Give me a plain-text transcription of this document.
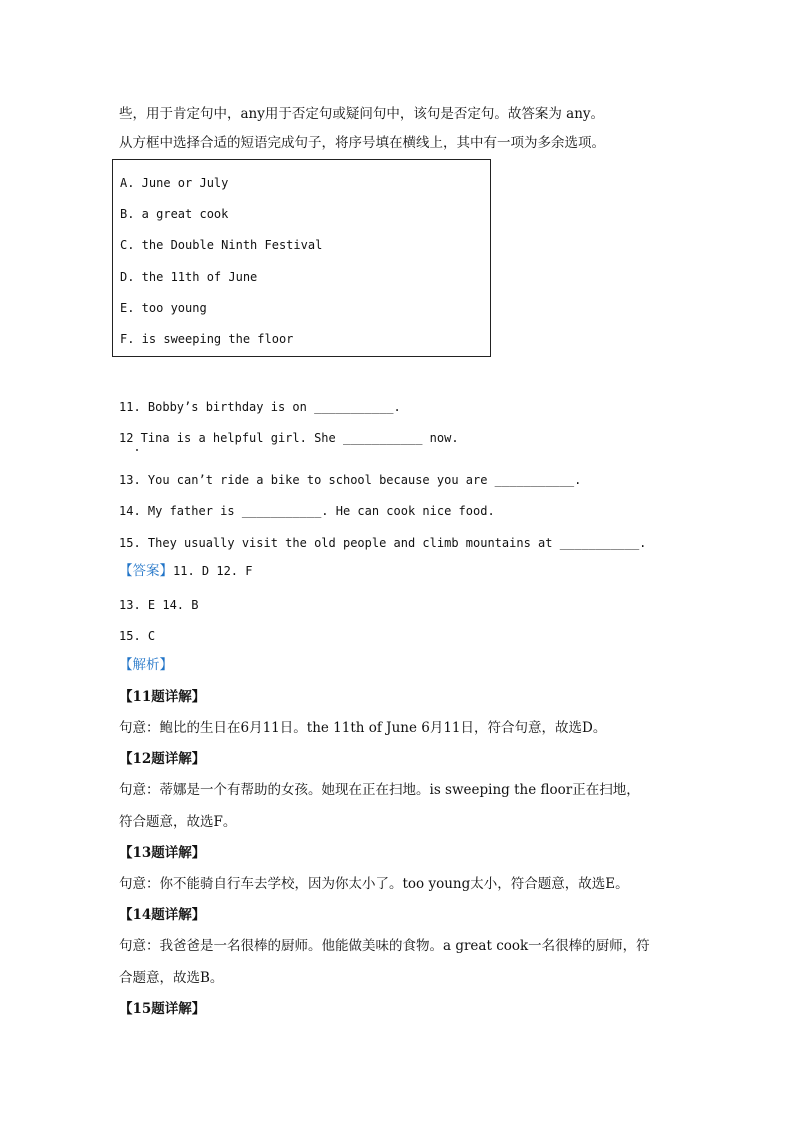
些，用于肯定句中，any用于否定句或疑问句中，该句是否定句。故答案为 any。
从方框中选择合适的短语完成句子，将序号填在横线上，其中有一项为多余选项。
A. June or July
B. a great cook
C. the Double Ninth Festival
D. the 11th of June
E. too young
F. is sweeping the floor
11. Bobby’s birthday is on ___________.
12 Tina is a helpful girl. She ___________ now.
13. You can’t ride a bike to school because you are ___________.
14. My father is ___________. He can cook nice food.
15. They usually visit the old people and climb mountains at ___________.
【答案】11. D 12. F
13. E 14. B
15. C
【解析】
【11题详解】
句意：鲍比的生日在6月11日。the 11th of June 6月11日，符合句意，故选D。
【12题详解】
句意：蒂娜是一个有帮助的女孩。她现在正在扫地。is sweeping the floor正在扫地，
符合题意，故选F。
【13题详解】
句意：你不能骑自行车去学校，因为你太小了。too young太小，符合题意，故选E。
【14题详解】
句意：我爸爸是一名很棒的厨师。他能做美味的食物。a great cook一名很棒的厨师，符
合题意，故选B。
【15题详解】
